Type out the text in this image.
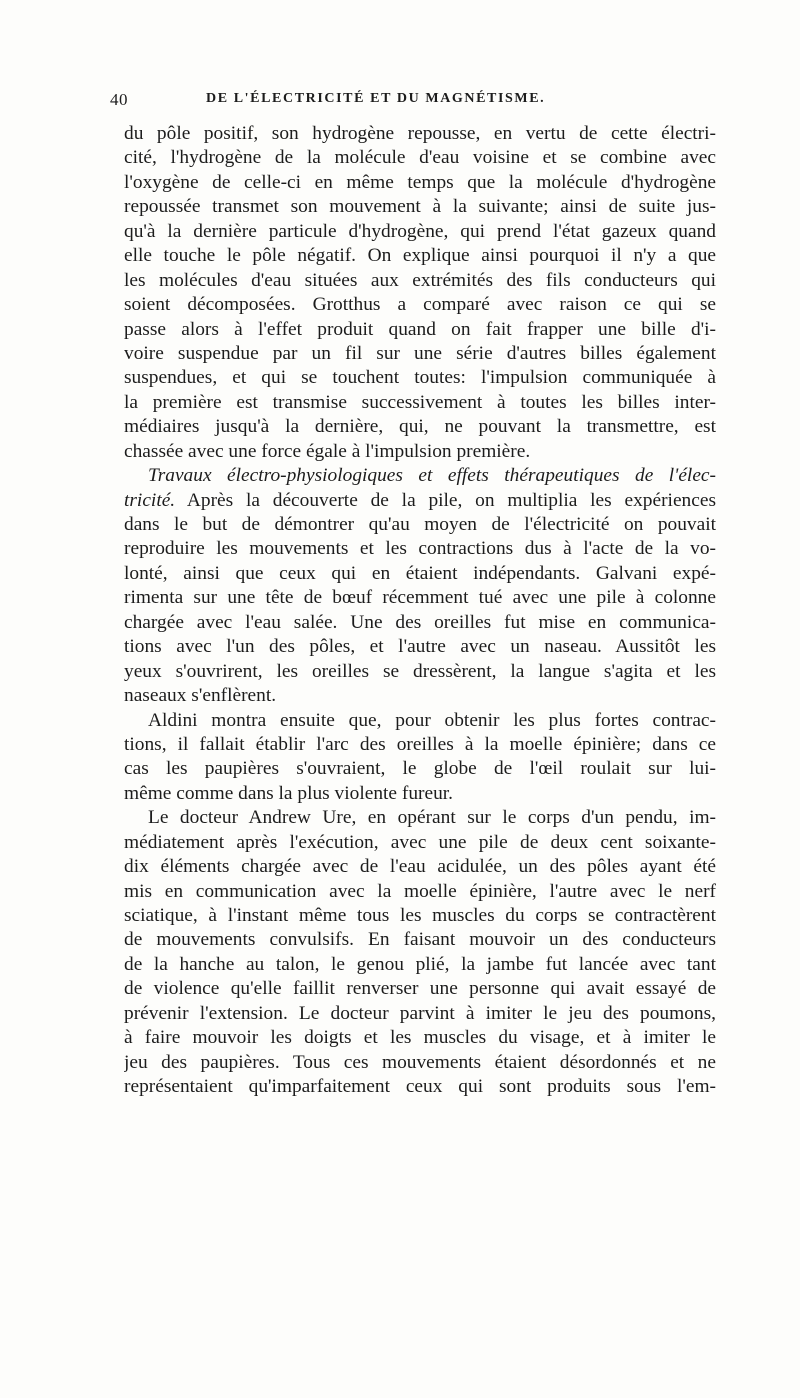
40	DE L'ÉLECTRICITÉ ET DU MAGNÉTISME.
du pôle positif, son hydrogène repousse, en vertu de cette électri-
cité, l'hydrogène de la molécule d'eau voisine et se combine avec
l'oxygène de celle-ci en même temps que la molécule d'hydrogène
repoussée transmet son mouvement à la suivante; ainsi de suite jus-
qu'à la dernière particule d'hydrogène, qui prend l'état gazeux quand
elle touche le pôle négatif. On explique ainsi pourquoi il n'y a que
les molécules d'eau situées aux extrémités des fils conducteurs qui
soient décomposées. Grotthus a comparé avec raison ce qui se
passe alors à l'effet produit quand on fait frapper une bille d'i-
voire suspendue par un fil sur une série d'autres billes également
suspendues, et qui se touchent toutes: l'impulsion communiquée à
la première est transmise successivement à toutes les billes inter-
médiaires jusqu'à la dernière, qui, ne pouvant la transmettre, est
chassée avec une force égale à l'impulsion première.
Travaux électro-physiologiques et effets thérapeutiques de l'élec-
tricité. Après la découverte de la pile, on multiplia les expériences
dans le but de démontrer qu'au moyen de l'électricité on pouvait
reproduire les mouvements et les contractions dus à l'acte de la vo-
lonté, ainsi que ceux qui en étaient indépendants. Galvani expé-
rimenta sur une tête de bœuf récemment tué avec une pile à colonne
chargée avec l'eau salée. Une des oreilles fut mise en communica-
tions avec l'un des pôles, et l'autre avec un naseau. Aussitôt les
yeux s'ouvrirent, les oreilles se dressèrent, la langue s'agita et les
naseaux s'enflèrent.
Aldini montra ensuite que, pour obtenir les plus fortes contrac-
tions, il fallait établir l'arc des oreilles à la moelle épinière; dans ce
cas les paupières s'ouvraient, le globe de l'œil roulait sur lui-
même comme dans la plus violente fureur.
Le docteur Andrew Ure, en opérant sur le corps d'un pendu, im-
médiatement après l'exécution, avec une pile de deux cent soixante-
dix éléments chargée avec de l'eau acidulée, un des pôles ayant été
mis en communication avec la moelle épinière, l'autre avec le nerf
sciatique, à l'instant même tous les muscles du corps se contractèrent
de mouvements convulsifs. En faisant mouvoir un des conducteurs
de la hanche au talon, le genou plié, la jambe fut lancée avec tant
de violence qu'elle faillit renverser une personne qui avait essayé de
prévenir l'extension. Le docteur parvint à imiter le jeu des poumons,
à faire mouvoir les doigts et les muscles du visage, et à imiter le
jeu des paupières. Tous ces mouvements étaient désordonnés et ne
représentaient qu'imparfaitement ceux qui sont produits sous l'em-
